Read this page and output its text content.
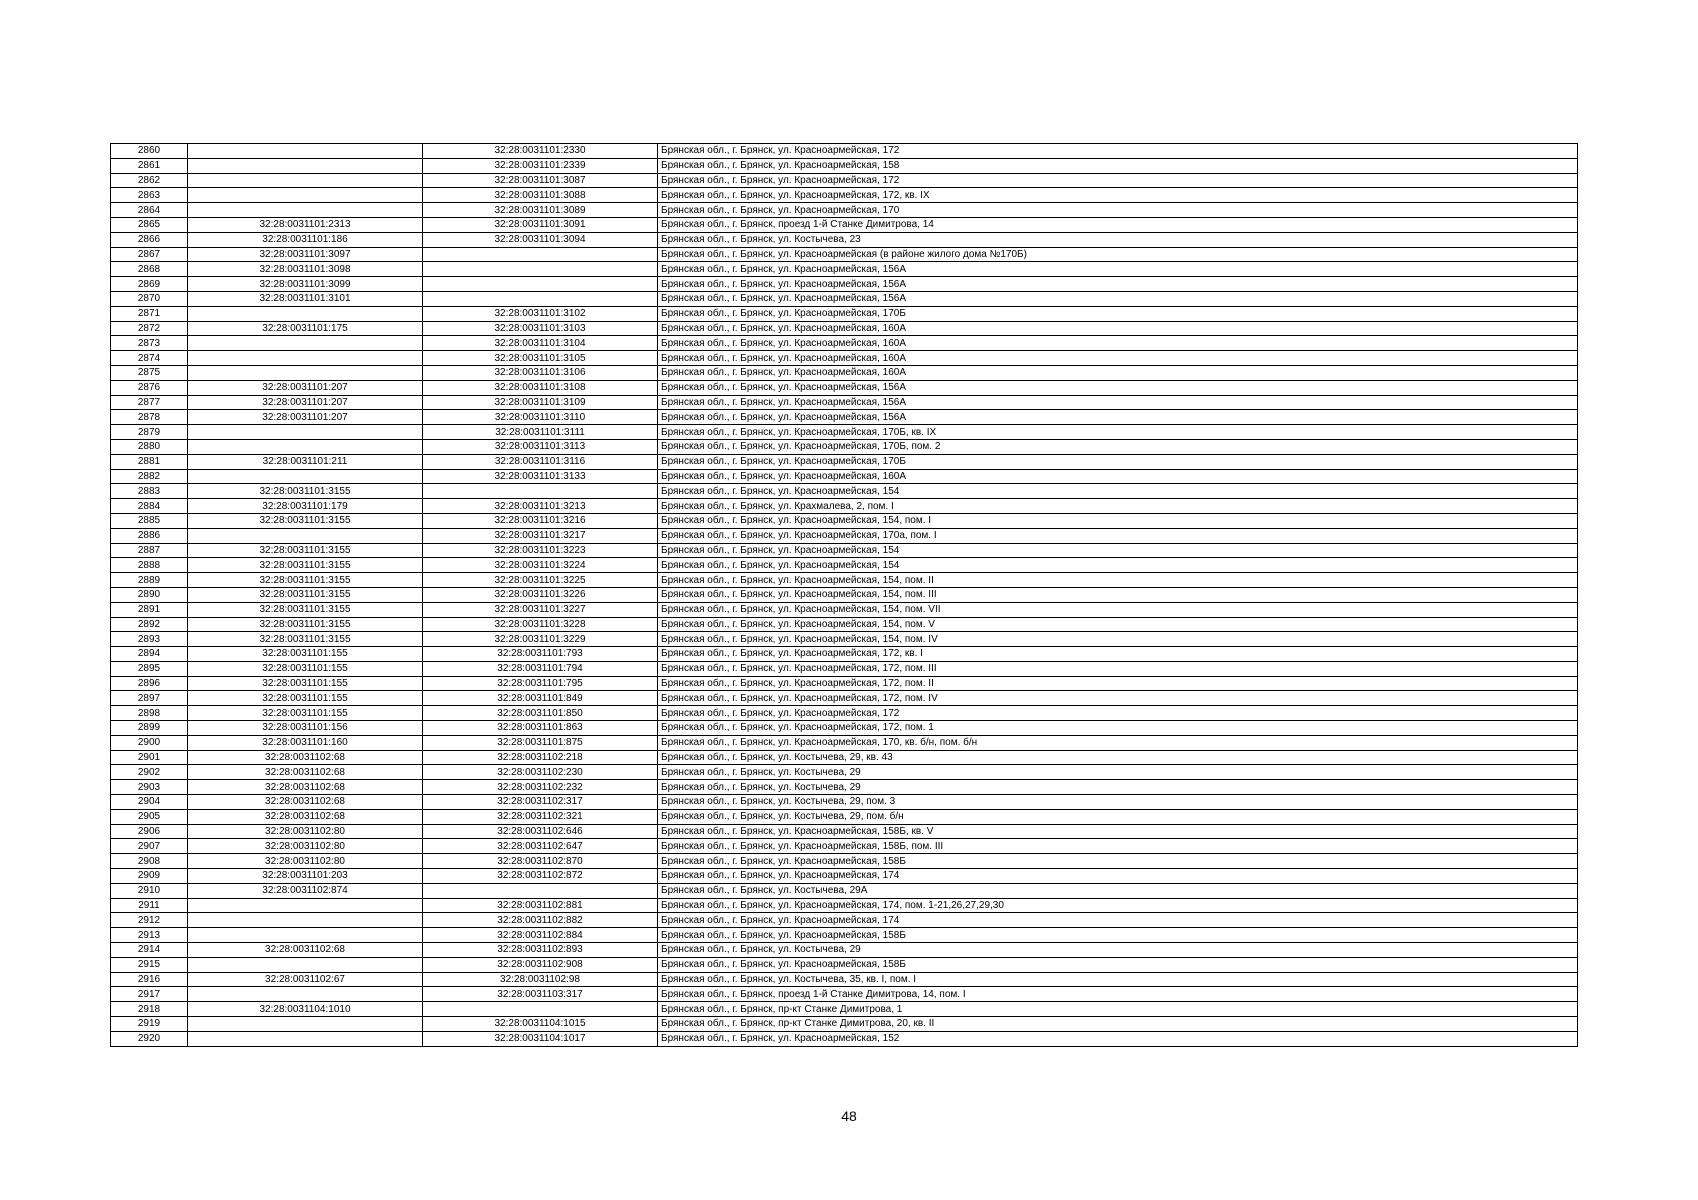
2860		32:28:0031101:2330	Брянская обл., г. Брянск, ул. Красноармейская, 172
2861		32:28:0031101:2339	Брянская обл., г. Брянск, ул. Красноармейская, 158
2862		32:28:0031101:3087	Брянская обл., г. Брянск, ул. Красноармейская, 172
2863		32:28:0031101:3088	Брянская обл., г. Брянск, ул. Красноармейская, 172, кв. IX
2864		32:28:0031101:3089	Брянская обл., г. Брянск, ул. Красноармейская, 170
2865	32:28:0031101:2313	32:28:0031101:3091	Брянская обл., г. Брянск, проезд 1-й Станке Димитрова, 14
2866	32:28:0031101:186	32:28:0031101:3094	Брянская обл., г. Брянск, ул. Костычева, 23
2867	32:28:0031101:3097		Брянская обл., г. Брянск, ул. Красноармейская (в районе жилого дома №170Б)
2868	32:28:0031101:3098		Брянская обл., г. Брянск, ул. Красноармейская, 156А
2869	32:28:0031101:3099		Брянская обл., г. Брянск, ул. Красноармейская, 156А
2870	32:28:0031101:3101		Брянская обл., г. Брянск, ул. Красноармейская, 156А
2871		32:28:0031101:3102	Брянская обл., г. Брянск, ул. Красноармейская, 170Б
2872	32:28:0031101:175	32:28:0031101:3103	Брянская обл., г. Брянск, ул. Красноармейская, 160А
2873		32:28:0031101:3104	Брянская обл., г. Брянск, ул. Красноармейская, 160А
2874		32:28:0031101:3105	Брянская обл., г. Брянск, ул. Красноармейская, 160А
2875		32:28:0031101:3106	Брянская обл., г. Брянск, ул. Красноармейская, 160А
2876	32:28:0031101:207	32:28:0031101:3108	Брянская обл., г. Брянск, ул. Красноармейская, 156А
2877	32:28:0031101:207	32:28:0031101:3109	Брянская обл., г. Брянск, ул. Красноармейская, 156А
2878	32:28:0031101:207	32:28:0031101:3110	Брянская обл., г. Брянск, ул. Красноармейская, 156А
2879		32:28:0031101:3111	Брянская обл., г. Брянск, ул. Красноармейская, 170Б, кв. IX
2880		32:28:0031101:3113	Брянская обл., г. Брянск, ул. Красноармейская, 170Б, пом. 2
2881	32:28:0031101:211	32:28:0031101:3116	Брянская обл., г. Брянск, ул. Красноармейская, 170Б
2882		32:28:0031101:3133	Брянская обл., г. Брянск, ул. Красноармейская, 160А
2883	32:28:0031101:3155		Брянская обл., г. Брянск, ул. Красноармейская, 154
2884	32:28:0031101:179	32:28:0031101:3213	Брянская обл., г. Брянск, ул. Крахмалева, 2, пом. I
2885	32:28:0031101:3155	32:28:0031101:3216	Брянская обл., г. Брянск, ул. Красноармейская, 154, пом. I
2886		32:28:0031101:3217	Брянская обл., г. Брянск, ул. Красноармейская, 170а, пом. I
2887	32:28:0031101:3155	32:28:0031101:3223	Брянская обл., г. Брянск, ул. Красноармейская, 154
2888	32:28:0031101:3155	32:28:0031101:3224	Брянская обл., г. Брянск, ул. Красноармейская, 154
2889	32:28:0031101:3155	32:28:0031101:3225	Брянская обл., г. Брянск, ул. Красноармейская, 154, пом. II
2890	32:28:0031101:3155	32:28:0031101:3226	Брянская обл., г. Брянск, ул. Красноармейская, 154, пом. III
2891	32:28:0031101:3155	32:28:0031101:3227	Брянская обл., г. Брянск, ул. Красноармейская, 154, пом. VII
2892	32:28:0031101:3155	32:28:0031101:3228	Брянская обл., г. Брянск, ул. Красноармейская, 154, пом. V
2893	32:28:0031101:3155	32:28:0031101:3229	Брянская обл., г. Брянск, ул. Красноармейская, 154, пом. IV
2894	32:28:0031101:155	32:28:0031101:793	Брянская обл., г. Брянск, ул. Красноармейская, 172, кв. I
2895	32:28:0031101:155	32:28:0031101:794	Брянская обл., г. Брянск, ул. Красноармейская, 172, пом. III
2896	32:28:0031101:155	32:28:0031101:795	Брянская обл., г. Брянск, ул. Красноармейская, 172, пом. II
2897	32:28:0031101:155	32:28:0031101:849	Брянская обл., г. Брянск, ул. Красноармейская, 172, пом. IV
2898	32:28:0031101:155	32:28:0031101:850	Брянская обл., г. Брянск, ул. Красноармейская, 172
2899	32:28:0031101:156	32:28:0031101:863	Брянская обл., г. Брянск, ул. Красноармейская, 172, пом. 1
2900	32:28:0031101:160	32:28:0031101:875	Брянская обл., г. Брянск, ул. Красноармейская, 170, кв. б/н, пом. б/н
2901	32:28:0031102:68	32:28:0031102:218	Брянская обл., г. Брянск, ул. Костычева, 29, кв. 43
2902	32:28:0031102:68	32:28:0031102:230	Брянская обл., г. Брянск, ул. Костычева, 29
2903	32:28:0031102:68	32:28:0031102:232	Брянская обл., г. Брянск, ул. Костычева, 29
2904	32:28:0031102:68	32:28:0031102:317	Брянская обл., г. Брянск, ул. Костычева, 29, пом. 3
2905	32:28:0031102:68	32:28:0031102:321	Брянская обл., г. Брянск, ул. Костычева, 29, пом. б/н
2906	32:28:0031102:80	32:28:0031102:646	Брянская обл., г. Брянск, ул. Красноармейская, 158Б, кв. V
2907	32:28:0031102:80	32:28:0031102:647	Брянская обл., г. Брянск, ул. Красноармейская, 158Б, пом. III
2908	32:28:0031102:80	32:28:0031102:870	Брянская обл., г. Брянск, ул. Красноармейская, 158Б
2909	32:28:0031101:203	32:28:0031102:872	Брянская обл., г. Брянск, ул. Красноармейская, 174
2910	32:28:0031102:874		Брянская обл., г. Брянск, ул. Костычева, 29А
2911		32:28:0031102:881	Брянская обл., г. Брянск, ул. Красноармейская, 174, пом. 1-21,26,27,29,30
2912		32:28:0031102:882	Брянская обл., г. Брянск, ул. Красноармейская, 174
2913		32:28:0031102:884	Брянская обл., г. Брянск, ул. Красноармейская, 158Б
2914	32:28:0031102:68	32:28:0031102:893	Брянская обл., г. Брянск, ул. Костычева, 29
2915		32:28:0031102:908	Брянская обл., г. Брянск, ул. Красноармейская, 158Б
2916	32:28:0031102:67	32:28:0031102:98	Брянская обл., г. Брянск, ул. Костычева, 35, кв. I, пом. I
2917		32:28:0031103:317	Брянская обл., г. Брянск, проезд 1-й Станке Димитрова, 14, пом. I
2918	32:28:0031104:1010		Брянская обл., г. Брянск, пр-кт Станке Димитрова, 1
2919		32:28:0031104:1015	Брянская обл., г. Брянск, пр-кт Станке Димитрова, 20, кв. II
2920		32:28:0031104:1017	Брянская обл., г. Брянск, ул. Красноармейская, 152
48
